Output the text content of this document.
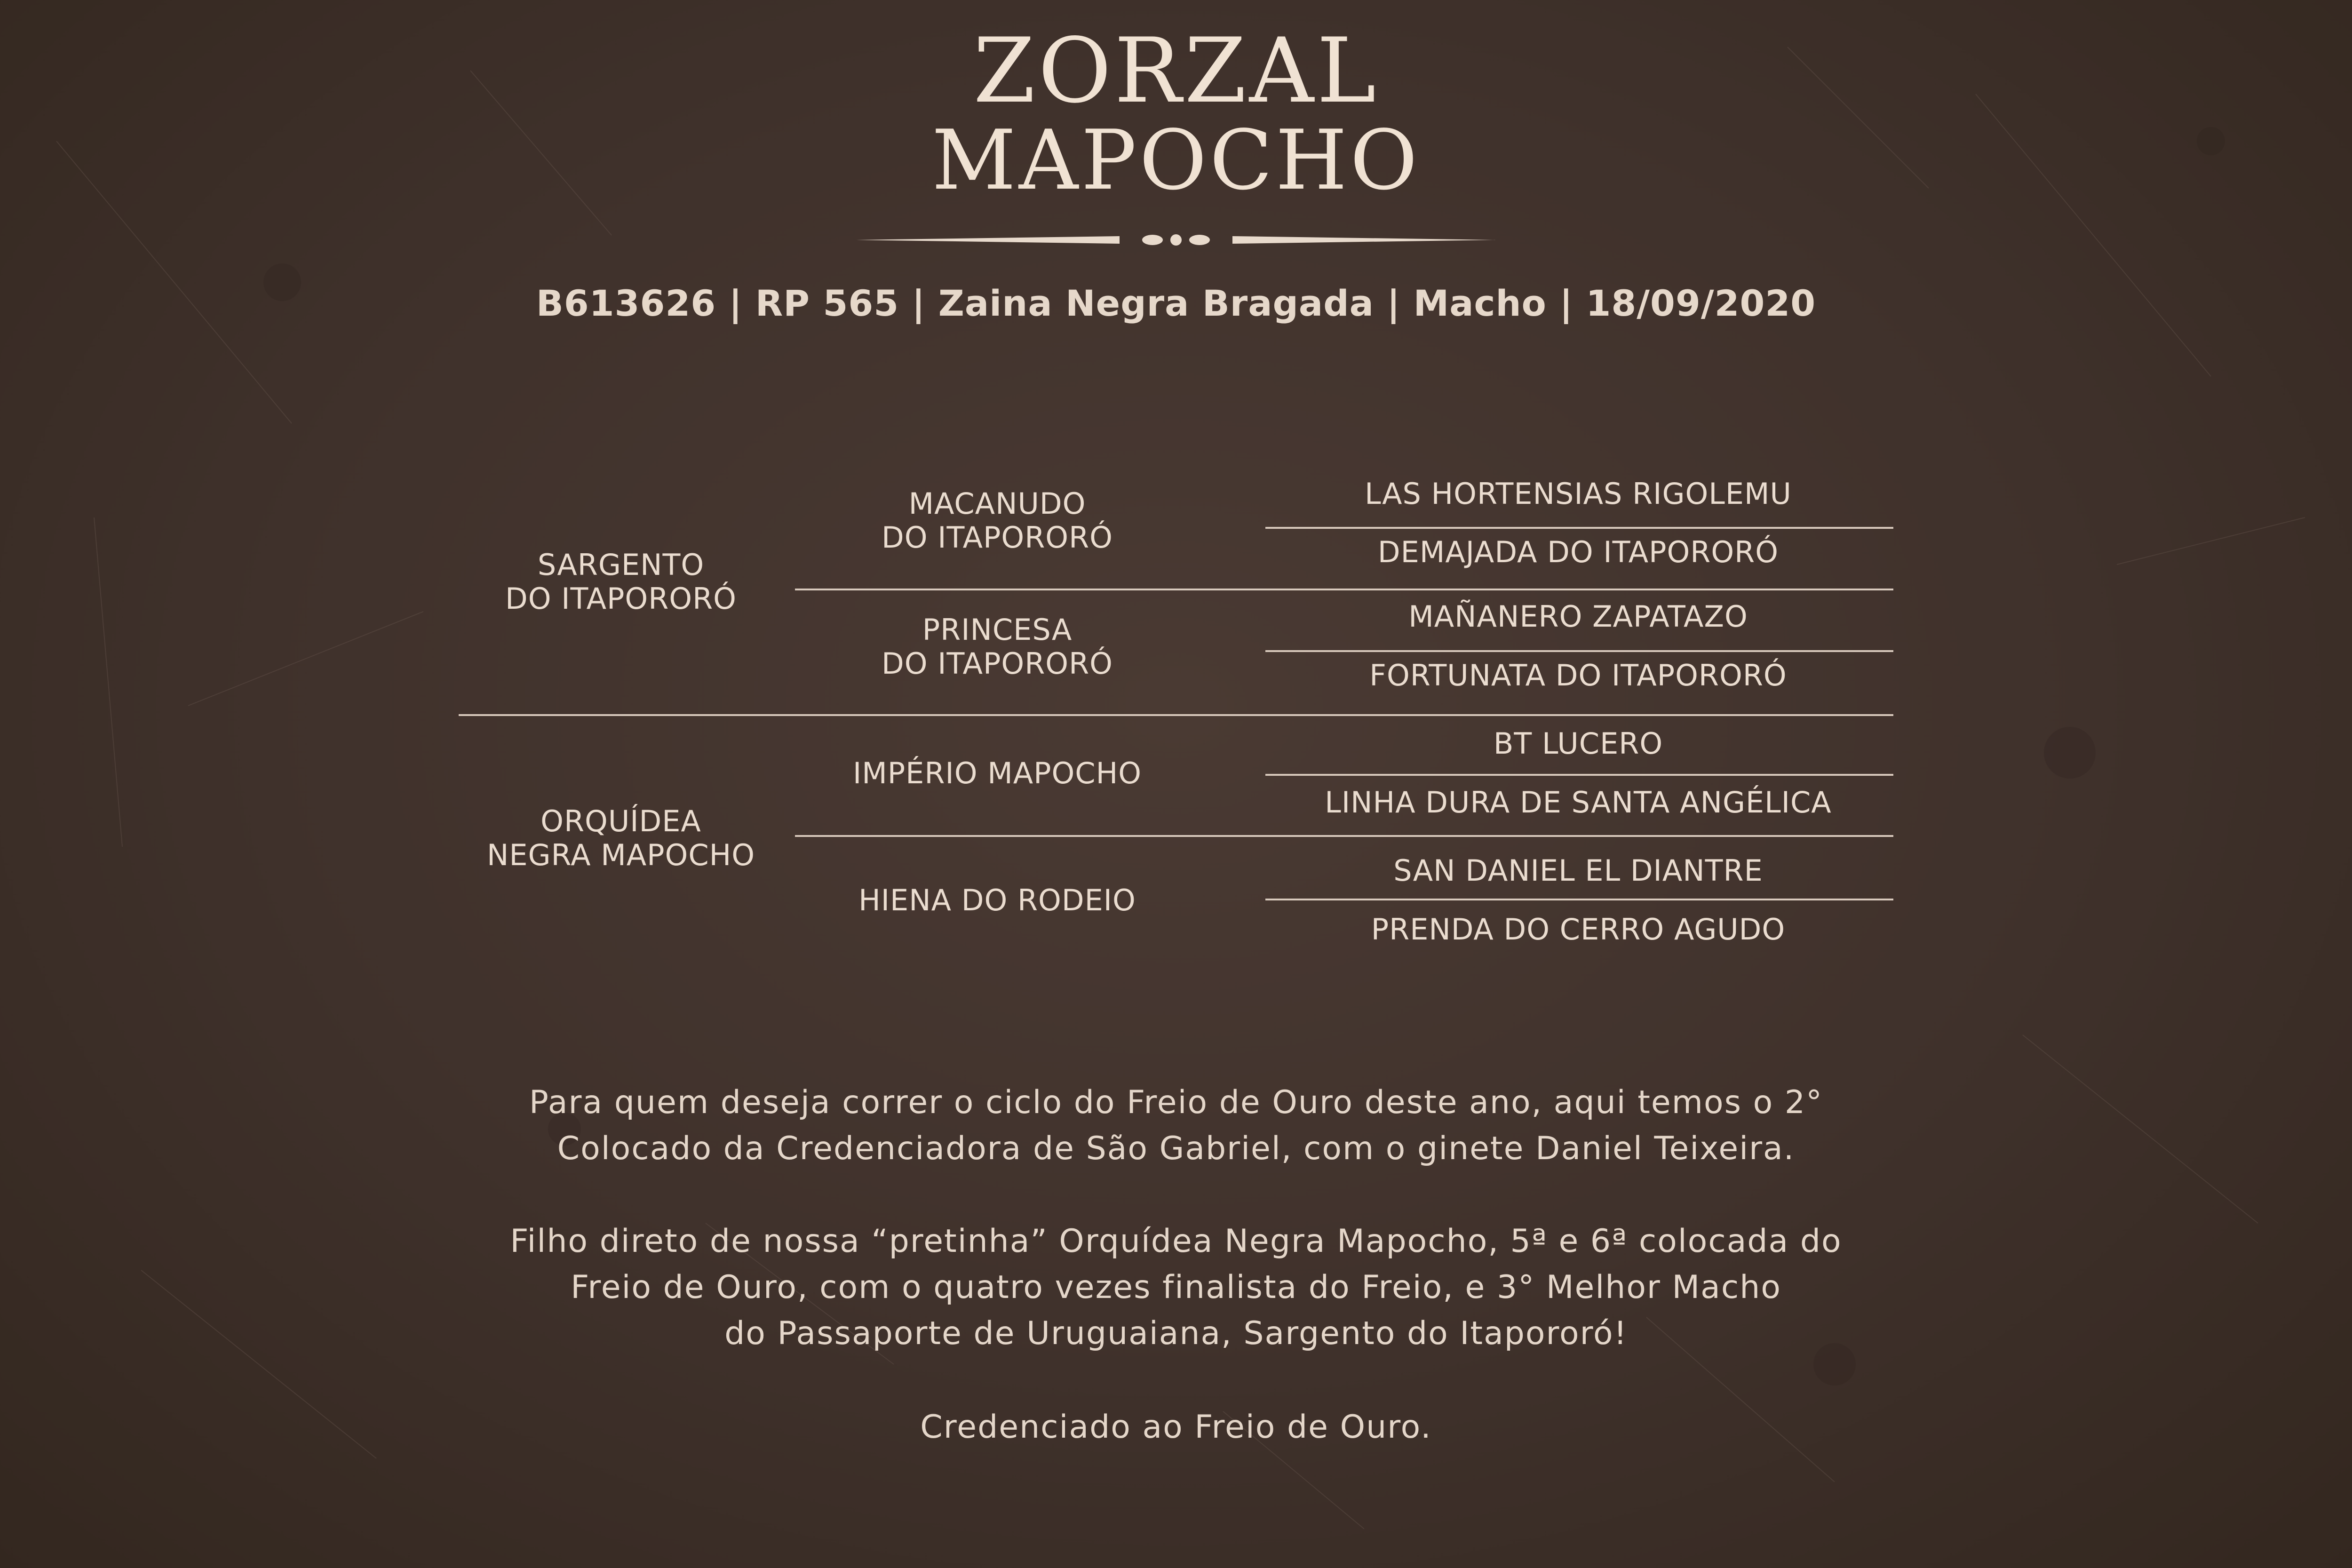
ZORZAL
MAPOCHO
B613626 | RP 565 | Zaina Negra Bragada | Macho | 18/09/2020
SARGENTO
DO ITAPORORÓ
ORQUÍDEA
NEGRA MAPOCHO
MACANUDO
DO ITAPORORÓ
PRINCESA
DO ITAPORORÓ
IMPÉRIO MAPOCHO
HIENA DO RODEIO
LAS HORTENSIAS RIGOLEMU
DEMAJADA DO ITAPORORÓ
MAÑANERO ZAPATAZO
FORTUNATA DO ITAPORORÓ
BT LUCERO
LINHA DURA DE SANTA ANGÉLICA
SAN DANIEL EL DIANTRE
PRENDA DO CERRO AGUDO
Para quem deseja correr o ciclo do Freio de Ouro deste ano, aqui temos o 2°
Colocado da Credenciadora de São Gabriel, com o ginete Daniel Teixeira.
Filho direto de nossa “pretinha” Orquídea Negra Mapocho, 5ª e 6ª colocada do
Freio de Ouro, com o quatro vezes finalista do Freio, e 3° Melhor Macho
do Passaporte de Uruguaiana, Sargento do Itapororó!
Credenciado ao Freio de Ouro.
